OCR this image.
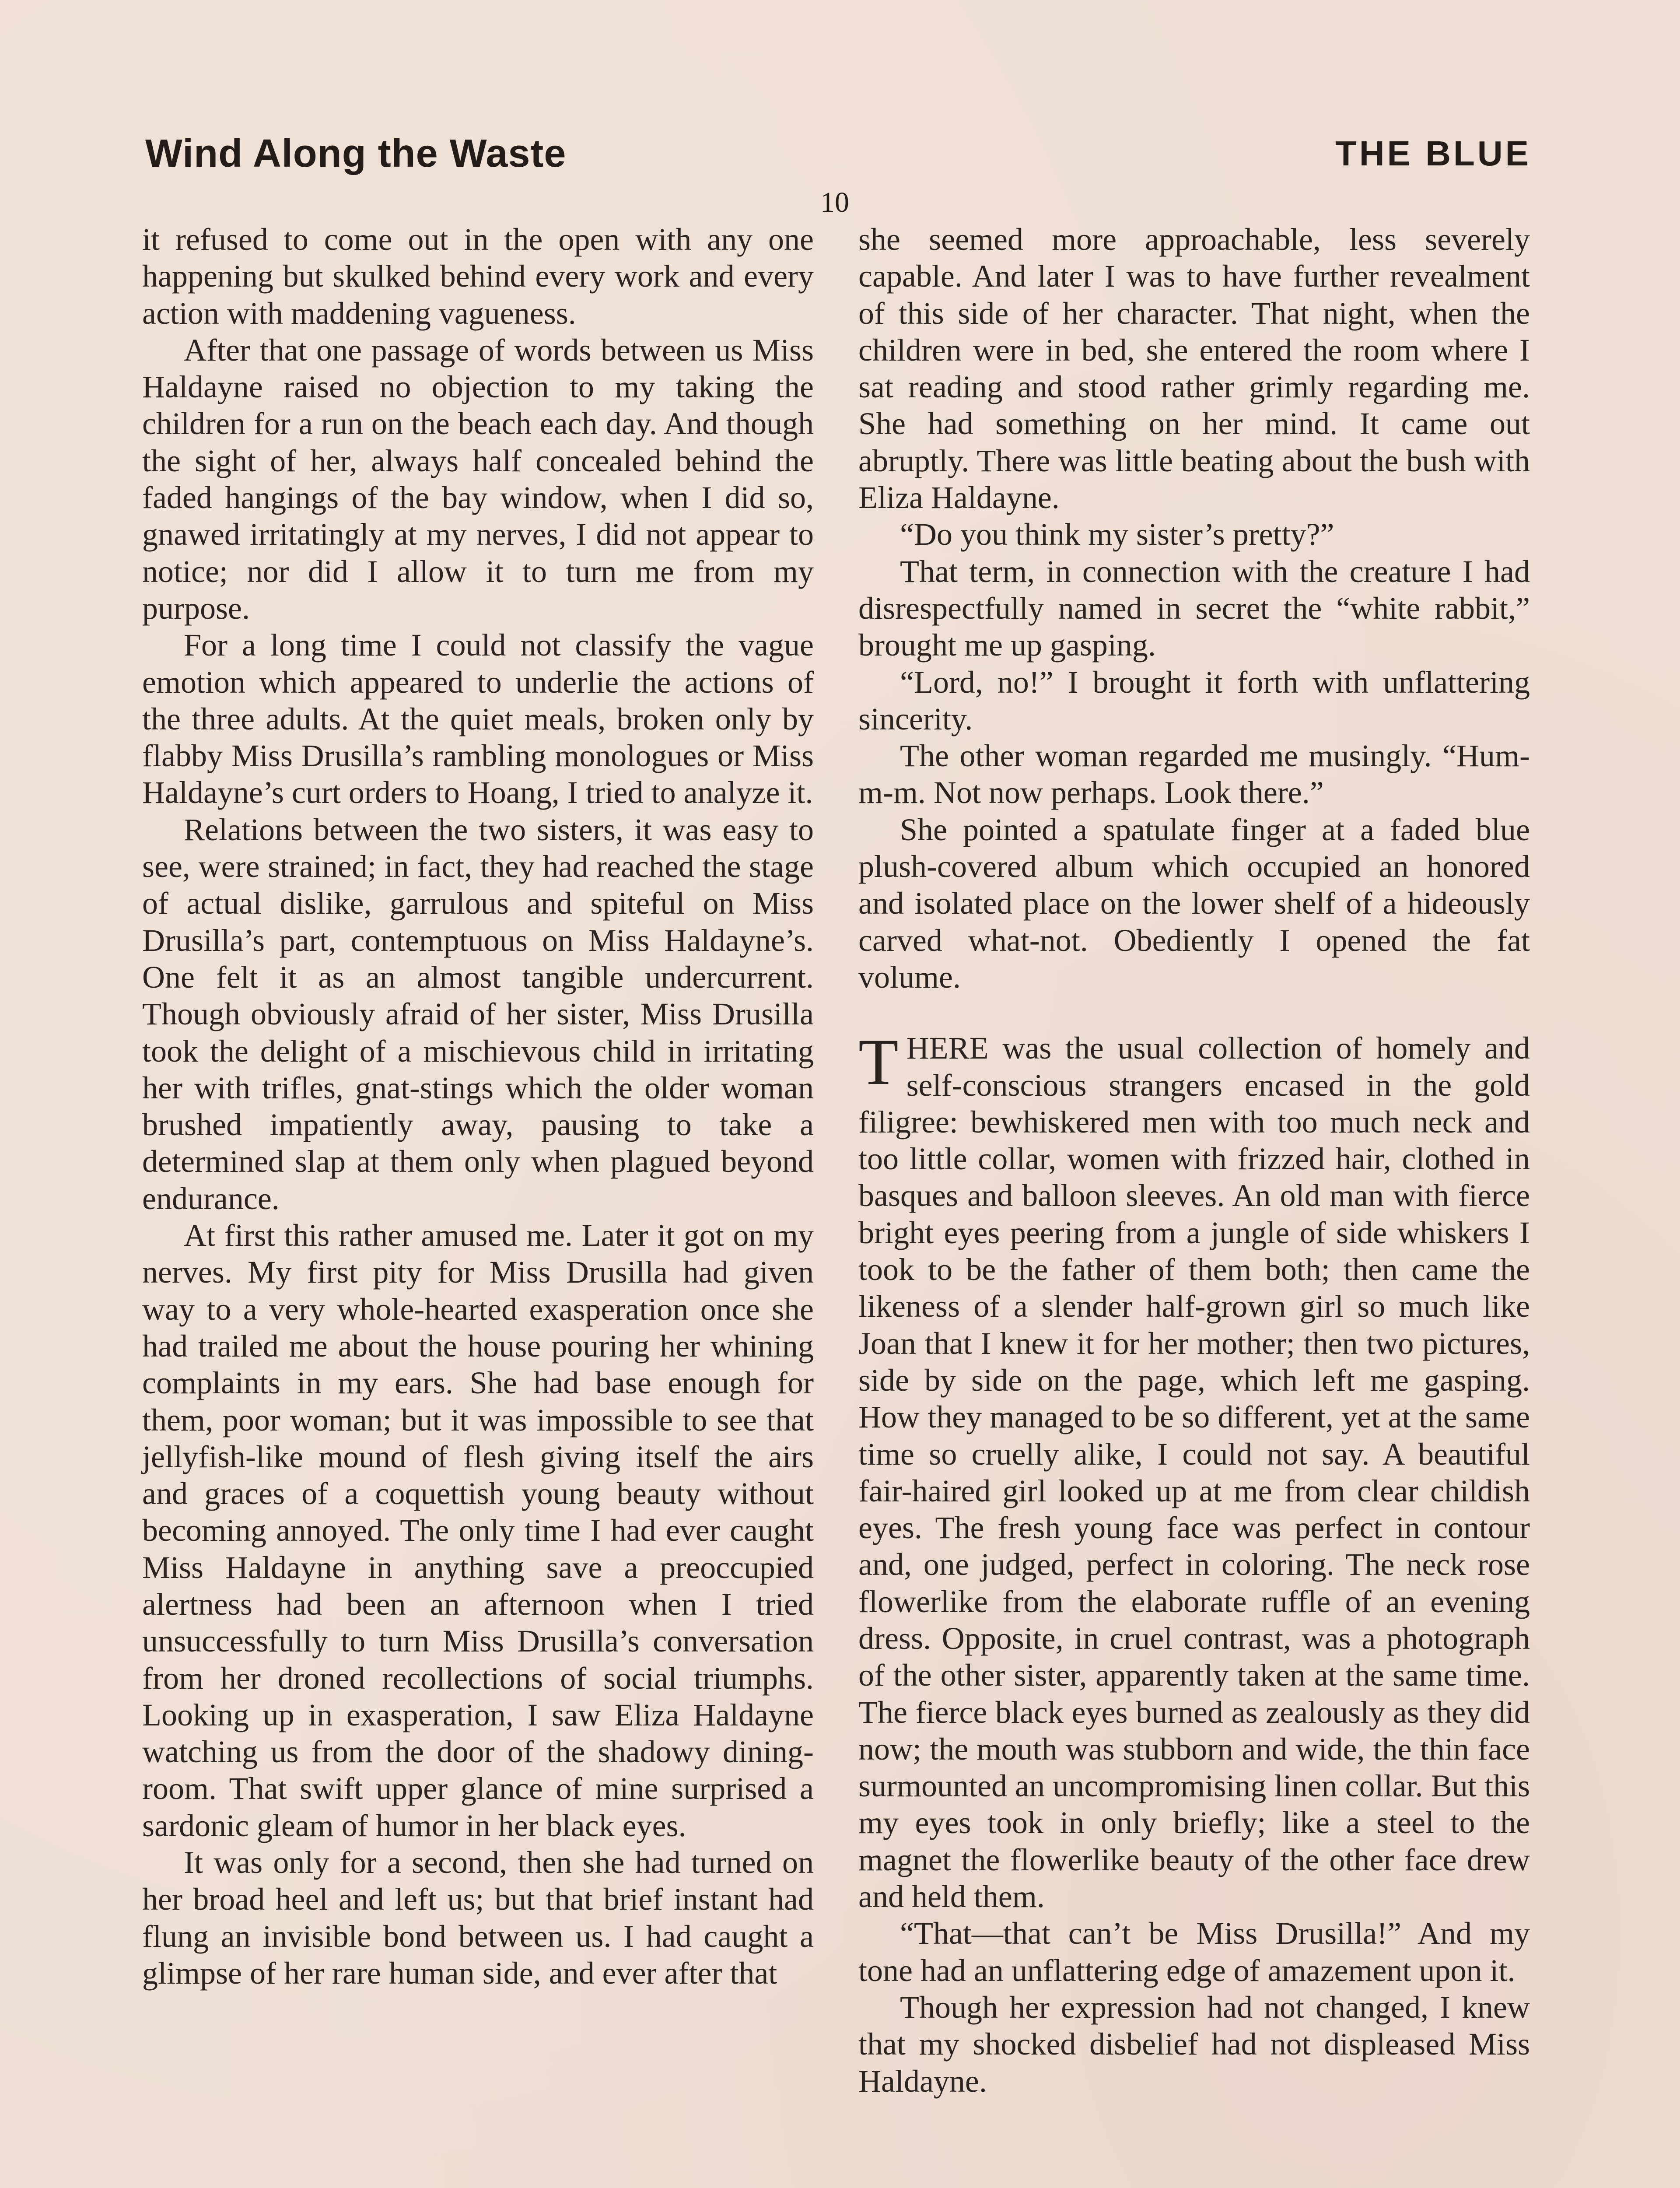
Wind Along the Waste	THE BLUE
10

it refused to come out in the open with any one happening but skulked behind every work and every action with maddening vagueness.

After that one passage of words between us Miss Haldayne raised no objection to my taking the children for a run on the beach each day. And though the sight of her, always half concealed behind the faded hangings of the bay window, when I did so, gnawed irritatingly at my nerves, I did not appear to notice; nor did I allow it to turn me from my purpose.

For a long time I could not classify the vague emotion which appeared to underlie the actions of the three adults. At the quiet meals, broken only by flabby Miss Drusilla’s rambling monologues or Miss Haldayne’s curt orders to Hoang, I tried to analyze it.

Relations between the two sisters, it was easy to see, were strained; in fact, they had reached the stage of actual dislike, garrulous and spiteful on Miss Drusilla’s part, contemptuous on Miss Haldayne’s. One felt it as an almost tangible undercurrent. Though obviously afraid of her sister, Miss Drusilla took the delight of a mischievous child in irritating her with trifles, gnat-stings which the older woman brushed impatiently away, pausing to take a determined slap at them only when plagued beyond endurance.

At first this rather amused me. Later it got on my nerves. My first pity for Miss Drusilla had given way to a very whole-hearted exasperation once she had trailed me about the house pouring her whining complaints in my ears. She had base enough for them, poor woman; but it was impossible to see that jellyfish-like mound of flesh giving itself the airs and graces of a coquettish young beauty without becoming annoyed. The only time I had ever caught Miss Haldayne in anything save a preoccupied alertness had been an afternoon when I tried unsuccessfully to turn Miss Drusilla’s conversation from her droned recollections of social triumphs. Looking up in exasperation, I saw Eliza Haldayne watching us from the door of the shadowy dining-room. That swift upper glance of mine surprised a sardonic gleam of humor in her black eyes.

It was only for a second, then she had turned on her broad heel and left us; but that brief instant had flung an invisible bond between us. I had caught a glimpse of her rare human side, and ever after that

she seemed more approachable, less severely capable. And later I was to have further revealment of this side of her character. That night, when the children were in bed, she entered the room where I sat reading and stood rather grimly regarding me. She had something on her mind. It came out abruptly. There was little beating about the bush with Eliza Haldayne.

“Do you think my sister’s pretty?”

That term, in connection with the creature I had disrespectfully named in secret the “white rabbit,” brought me up gasping.

“Lord, no!” I brought it forth with unflattering sincerity.

The other woman regarded me musingly. “Hum-m-m. Not now perhaps. Look there.”

She pointed a spatulate finger at a faded blue plush-covered album which occupied an honored and isolated place on the lower shelf of a hideously carved what-not. Obediently I opened the fat volume.

THERE was the usual collection of homely and self-conscious strangers encased in the gold filigree: bewhiskered men with too much neck and too little collar, women with frizzed hair, clothed in basques and balloon sleeves. An old man with fierce bright eyes peering from a jungle of side whiskers I took to be the father of them both; then came the likeness of a slender half-grown girl so much like Joan that I knew it for her mother; then two pictures, side by side on the page, which left me gasping. How they managed to be so different, yet at the same time so cruelly alike, I could not say. A beautiful fair-haired girl looked up at me from clear childish eyes. The fresh young face was perfect in contour and, one judged, perfect in coloring. The neck rose flowerlike from the elaborate ruffle of an evening dress. Opposite, in cruel contrast, was a photograph of the other sister, apparently taken at the same time. The fierce black eyes burned as zealously as they did now; the mouth was stubborn and wide, the thin face surmounted an uncompromising linen collar. But this my eyes took in only briefly; like a steel to the magnet the flowerlike beauty of the other face drew and held them.

“That—that can’t be Miss Drusilla!” And my tone had an unflattering edge of amazement upon it.

Though her expression had not changed, I knew that my shocked disbelief had not displeased Miss Haldayne.
